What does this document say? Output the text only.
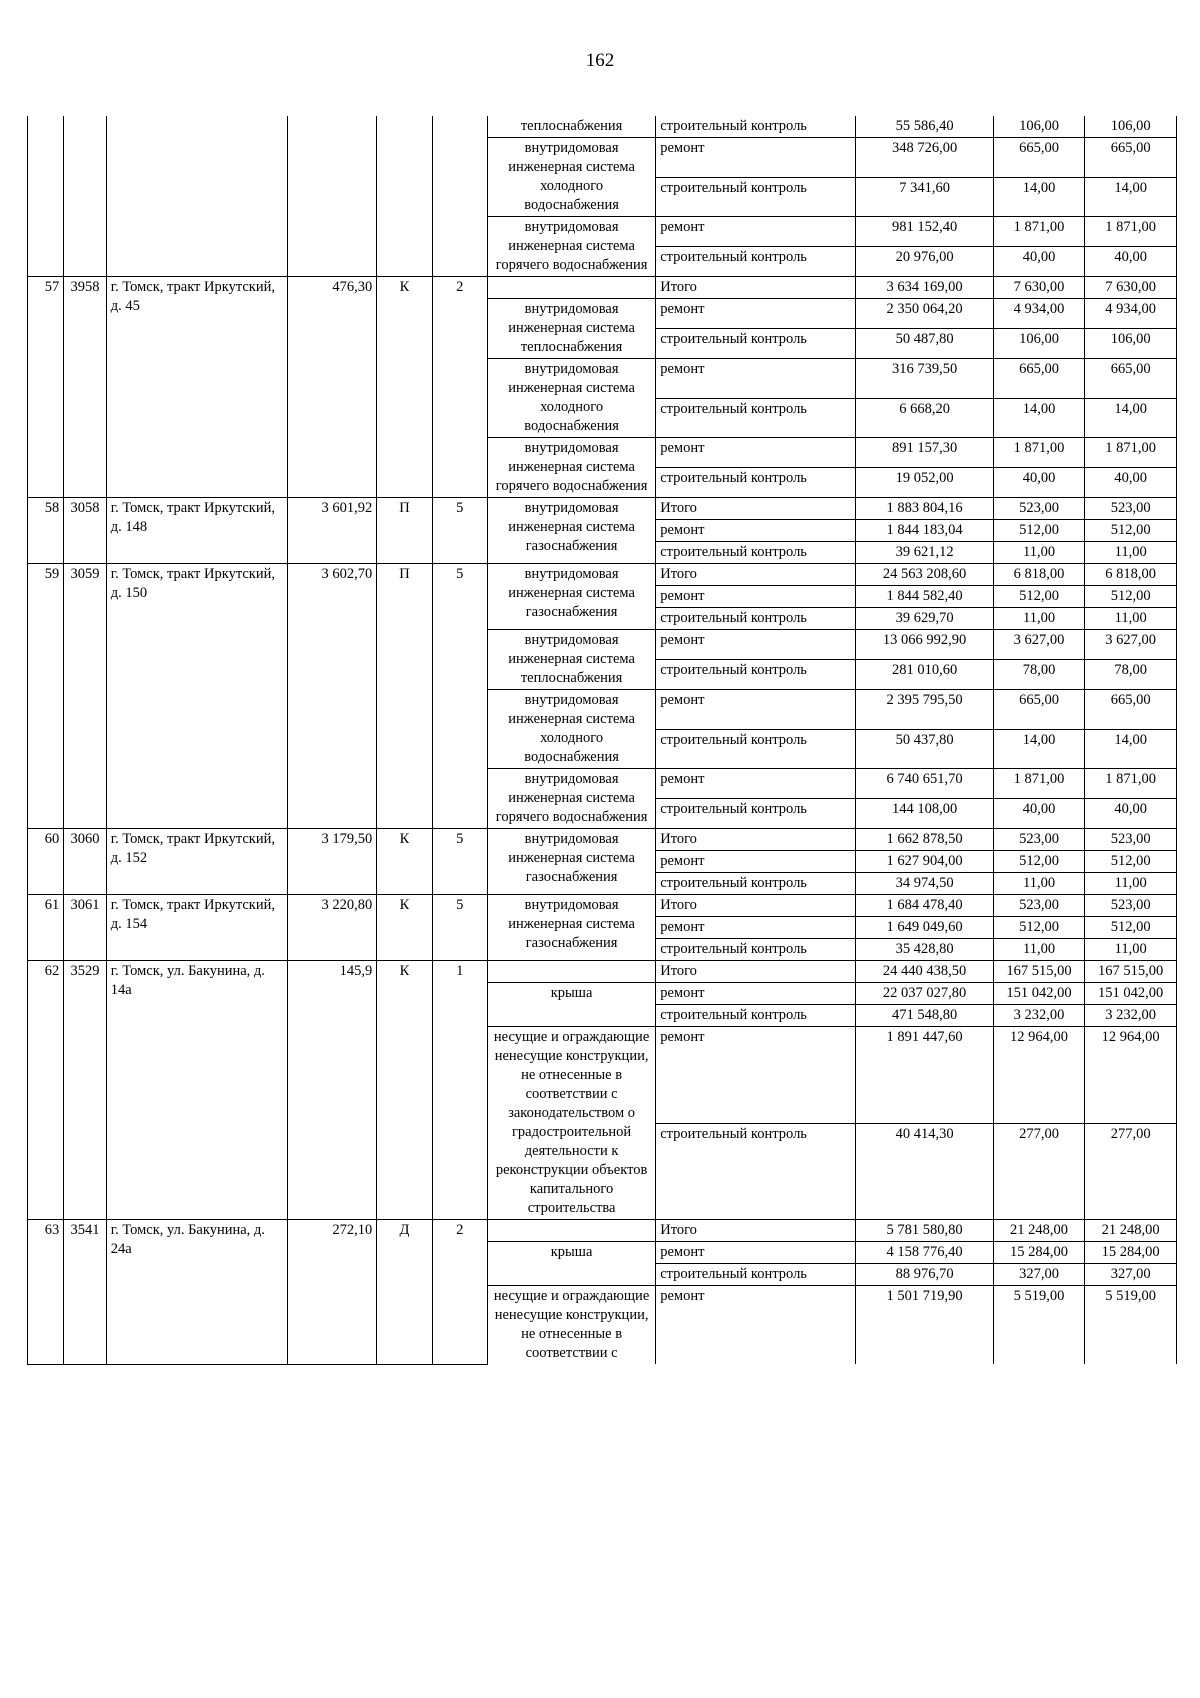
162
						теплоснабжения	строительный контроль	55 586,40	106,00	106,00
						внутридомовая инженерная система холодного водоснабжения	ремонт	348 726,00	665,00	665,00
							строительный контроль	7 341,60	14,00	14,00
						внутридомовая инженерная система горячего водоснабжения	ремонт	981 152,40	1 871,00	1 871,00
							строительный контроль	20 976,00	40,00	40,00
57	3958	г. Томск, тракт Иркутский, д. 45	476,30	К	2		Итого	3 634 169,00	7 630,00	7 630,00
						внутридомовая инженерная система теплоснабжения	ремонт	2 350 064,20	4 934,00	4 934,00
							строительный контроль	50 487,80	106,00	106,00
						внутридомовая инженерная система холодного водоснабжения	ремонт	316 739,50	665,00	665,00
							строительный контроль	6 668,20	14,00	14,00
						внутридомовая инженерная система горячего водоснабжения	ремонт	891 157,30	1 871,00	1 871,00
							строительный контроль	19 052,00	40,00	40,00
58	3058	г. Томск, тракт Иркутский, д. 148	3 601,92	П	5	внутридомовая инженерная система газоснабжения	Итого	1 883 804,16	523,00	523,00
							ремонт	1 844 183,04	512,00	512,00
							строительный контроль	39 621,12	11,00	11,00
59	3059	г. Томск, тракт Иркутский, д. 150	3 602,70	П	5	внутридомовая инженерная система газоснабжения	Итого	24 563 208,60	6 818,00	6 818,00
							ремонт	1 844 582,40	512,00	512,00
							строительный контроль	39 629,70	11,00	11,00
						внутридомовая инженерная система теплоснабжения	ремонт	13 066 992,90	3 627,00	3 627,00
							строительный контроль	281 010,60	78,00	78,00
						внутридомовая инженерная система холодного водоснабжения	ремонт	2 395 795,50	665,00	665,00
							строительный контроль	50 437,80	14,00	14,00
						внутридомовая инженерная система горячего водоснабжения	ремонт	6 740 651,70	1 871,00	1 871,00
							строительный контроль	144 108,00	40,00	40,00
60	3060	г. Томск, тракт Иркутский, д. 152	3 179,50	К	5	внутридомовая инженерная система газоснабжения	Итого	1 662 878,50	523,00	523,00
							ремонт	1 627 904,00	512,00	512,00
							строительный контроль	34 974,50	11,00	11,00
61	3061	г. Томск, тракт Иркутский, д. 154	3 220,80	К	5	внутридомовая инженерная система газоснабжения	Итого	1 684 478,40	523,00	523,00
							ремонт	1 649 049,60	512,00	512,00
							строительный контроль	35 428,80	11,00	11,00
62	3529	г. Томск, ул. Бакунина, д. 14а	145,9	К	1		Итого	24 440 438,50	167 515,00	167 515,00
						крыша	ремонт	22 037 027,80	151 042,00	151 042,00
							строительный контроль	471 548,80	3 232,00	3 232,00
						несущие и ограждающие ненесущие конструкции, не отнесенные в соответствии с законодательством о градостроительной деятельности к реконструкции объектов капитального строительства	ремонт	1 891 447,60	12 964,00	12 964,00
							строительный контроль	40 414,30	277,00	277,00
63	3541	г. Томск, ул. Бакунина, д. 24а	272,10	Д	2		Итого	5 781 580,80	21 248,00	21 248,00
						крыша	ремонт	4 158 776,40	15 284,00	15 284,00
							строительный контроль	88 976,70	327,00	327,00
						несущие и ограждающие ненесущие конструкции, не отнесенные в соответствии с	ремонт	1 501 719,90	5 519,00	5 519,00
